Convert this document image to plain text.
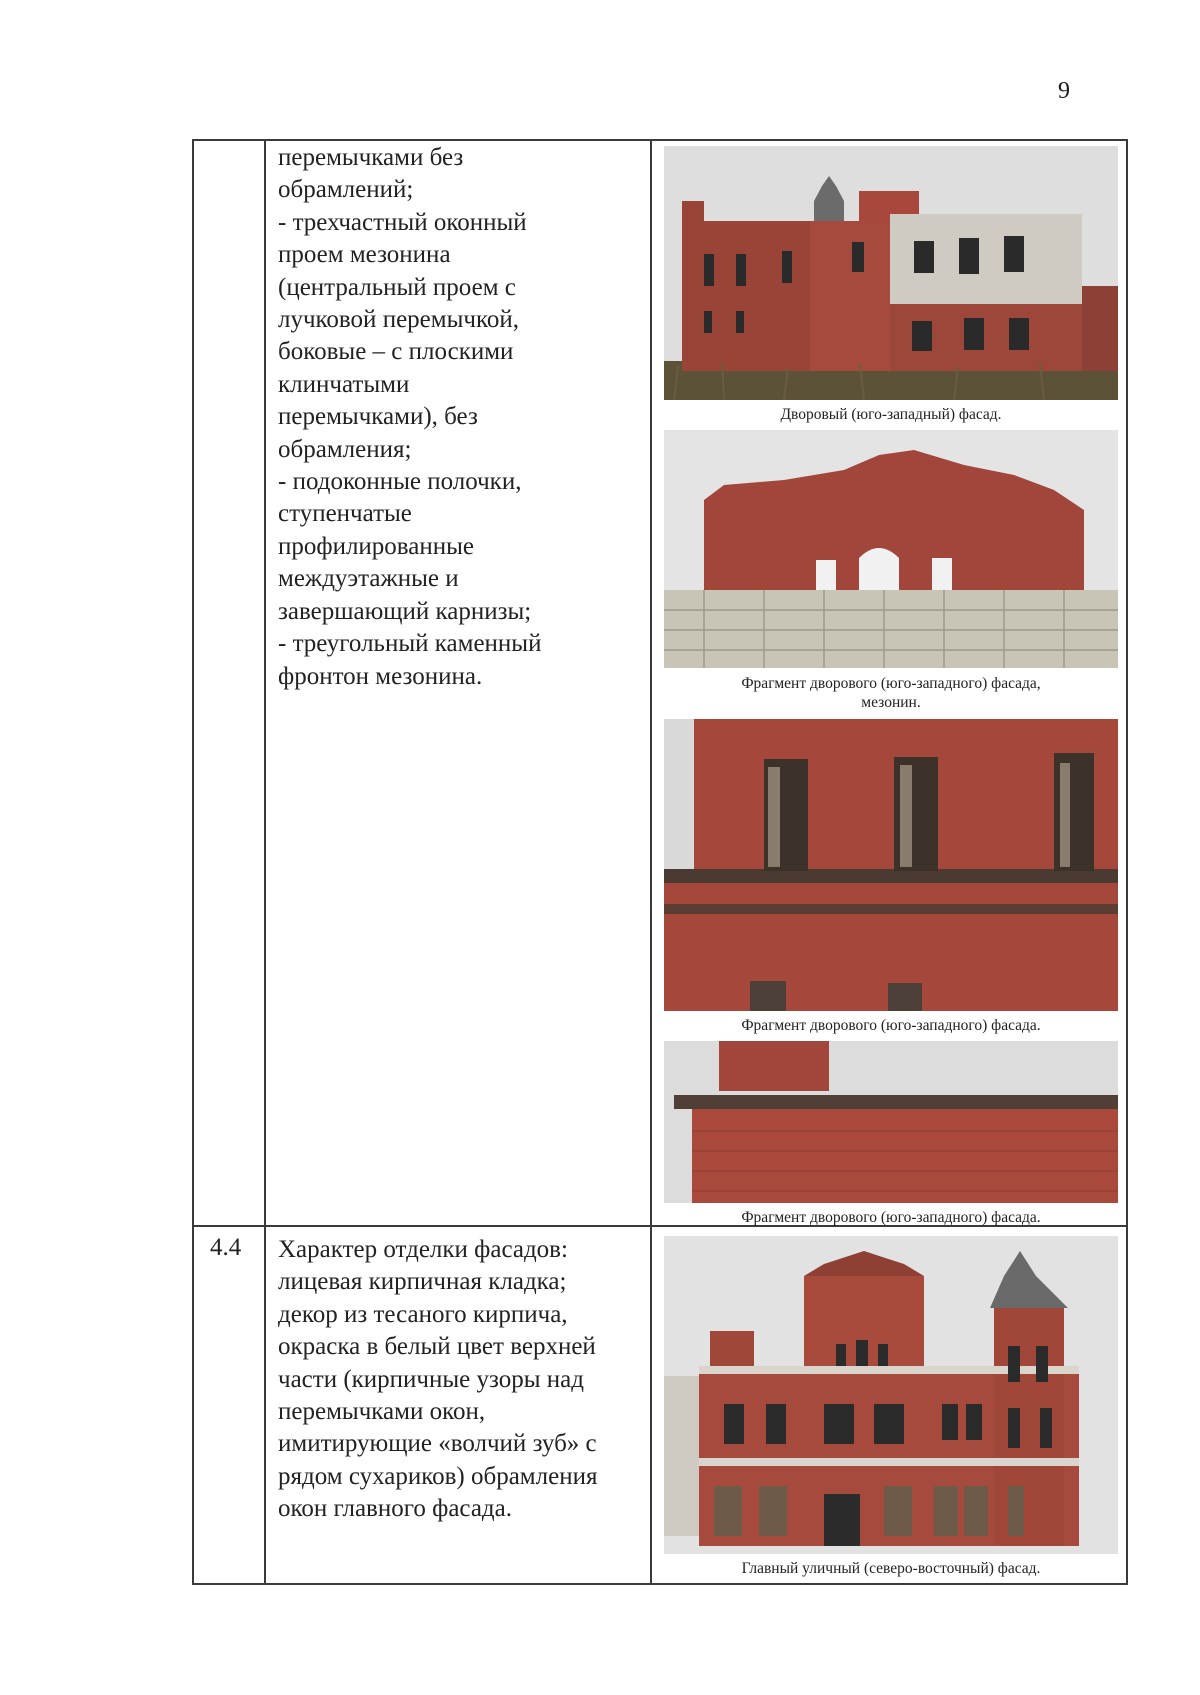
9
перемычками без
обрамлений;
- трехчастный оконный
проем мезонина
(центральный проем с
лучковой перемычкой,
боковые – с плоскими
клинчатыми
перемычками), без
обрамления;
- подоконные полочки,
ступенчатые
профилированные
междуэтажные и
завершающий карнизы;
- треугольный каменный
фронтон мезонина.
Дворовый (юго-западный) фасад.
Фрагмент дворового (юго-западного) фасада,
мезонин.
Фрагмент дворового (юго-западного) фасада.
Фрагмент дворового (юго-западного) фасада.
4.4 Характер отделки фасадов:
лицевая кирпичная кладка;
декор из тесаного кирпича,
окраска в белый цвет верхней
части (кирпичные узоры над
перемычками окон,
имитирующие «волчий зуб» с
рядом сухариков) обрамления
окон главного фасада.
Главный уличный (северо-восточный) фасад.
